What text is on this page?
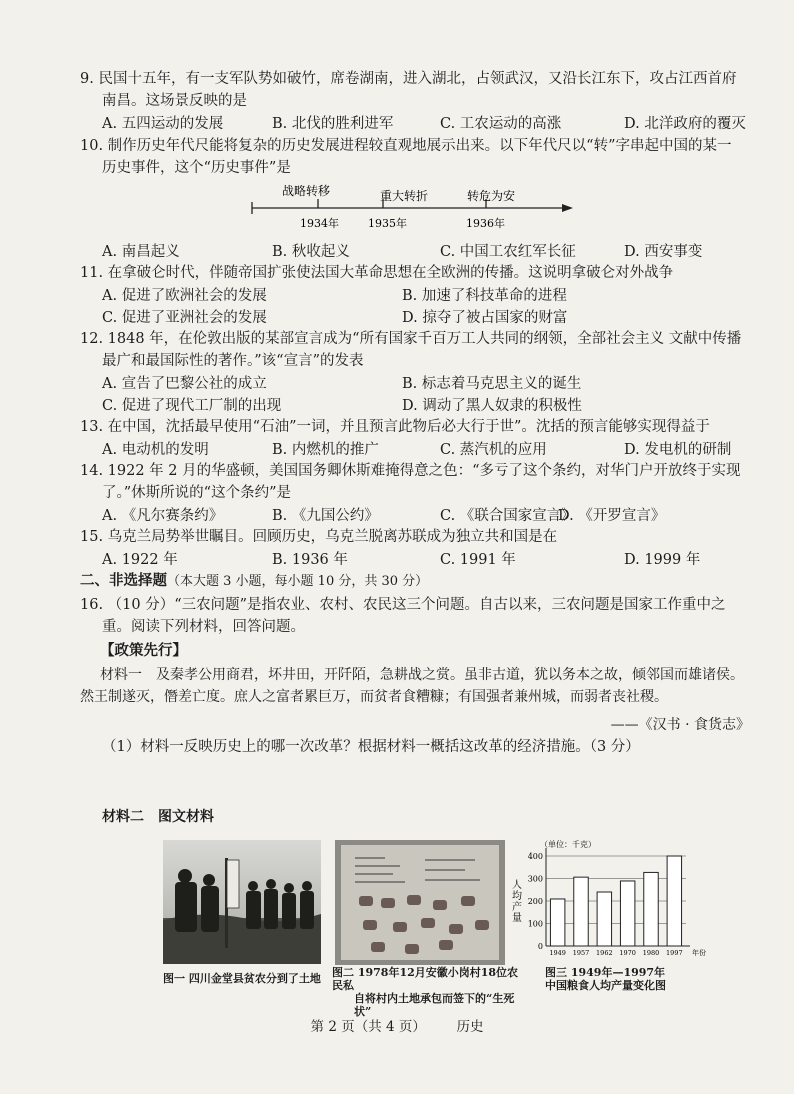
9. 民国十五年，有一支军队势如破竹，席卷湖南，进入湖北，占领武汉，又沿长江东下，攻占江西首府
南昌。这场景反映的是
A. 五四运动的发展	B. 北伐的胜利进军	C. 工农运动的高涨	D. 北洋政府的覆灭
10. 制作历史年代尺能将复杂的历史发展进程较直观地展示出来。以下年代尺以“转”字串起中国的某一
历史事件，这个“历史事件”是
战略转移	重大转折	转危为安
1934年	1935年	1936年
A. 南昌起义	B. 秋收起义	C. 中国工农红军长征	D. 西安事变
11. 在拿破仑时代，伴随帝国扩张使法国大革命思想在全欧洲的传播。这说明拿破仑对外战争
A. 促进了欧洲社会的发展	B. 加速了科技革命的进程
C. 促进了亚洲社会的发展	D. 掠夺了被占国家的财富
12. 1848 年，在伦敦出版的某部宣言成为“所有国家千百万工人共同的纲领，全部社会主义 文献中传播
最广和最国际性的著作。”该“宣言”的发表
A. 宣告了巴黎公社的成立	B. 标志着马克思主义的诞生
C. 促进了现代工厂制的出现	D. 调动了黑人奴隶的积极性
13. 在中国，沈括最早使用“石油”一词，并且预言此物后必大行于世”。沈括的预言能够实现得益于
A. 电动机的发明	B. 内燃机的推广	C. 蒸汽机的应用	D. 发电机的研制
14. 1922 年 2 月的华盛顿，美国国务卿休斯难掩得意之色：“多亏了这个条约，对华门户开放终于实现
了。”休斯所说的“这个条约”是
A. 《凡尔赛条约》	B. 《九国公约》	C. 《联合国家宣言》
D. 《开罗宣言》
15. 乌克兰局势举世瞩目。回顾历史，乌克兰脱离苏联成为独立共和国是在
A. 1922 年	B. 1936 年	C. 1991 年	D. 1999 年
二、非选择题（本大题 3 小题，每小题 10 分，共 30 分）
16. （10 分）“三农问题”是指农业、农村、农民这三个问题。自古以来，三农问题是国家工作重中之
重。阅读下列材料，回答问题。
【政策先行】
材料一　及秦孝公用商君，坏井田，开阡陌，急耕战之赏。虽非古道，犹以务本之故，倾邻国而雄诸侯。
然王制遂灭，僭差亡度。庶人之富者累巨万，而贫者食糟糠；有国强者兼州城，而弱者丧社稷。
——《汉书 · 食货志》
（1）材料一反映历史上的哪一次改革？根据材料一概括这改革的经济措施。（3 分）
材料二　图文材料
图一 四川金堂县贫农分到了土地	图二 1978年12月安徽小岗村18位农民私
自将村内土地承包而签下的“生死状”
（单位：千克）
人
均
产
量
0
100
200
300
400
1949 1957 1962 1970 1980 1997 年份
图三 1949年—1997年
中国粮食人均产量变化图
第 2 页（共 4 页） 历史
